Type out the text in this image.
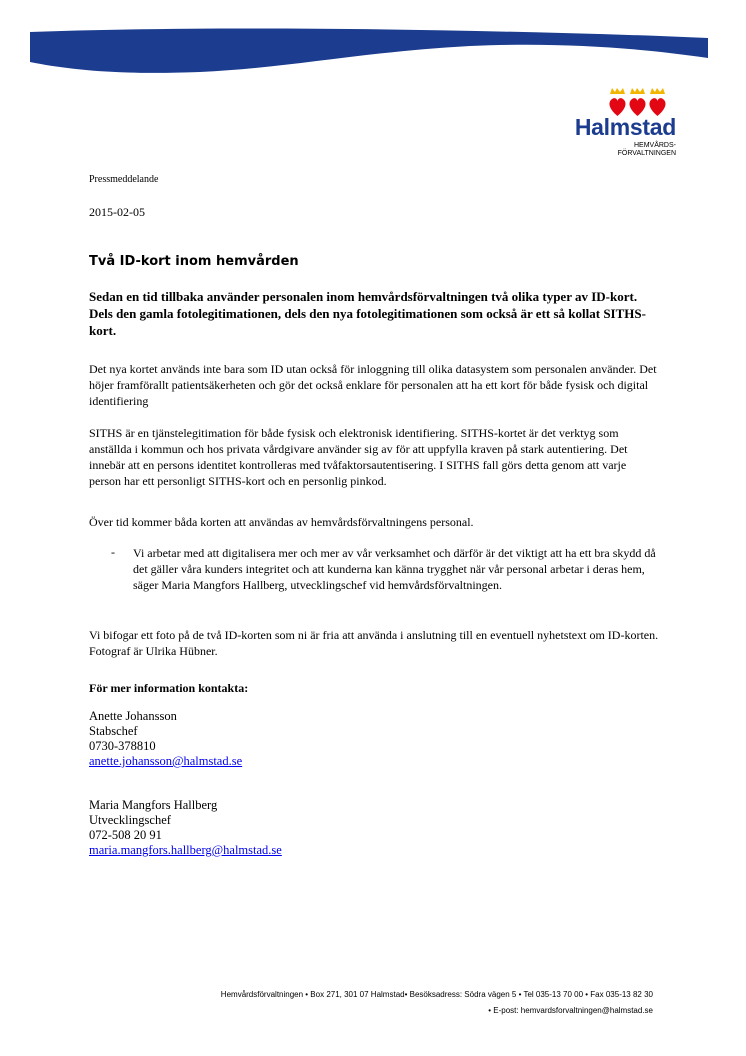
Halmstad
HEMVÅRDS-
FÖRVALTNINGEN
Pressmeddelande
2015-02-05
Två ID-kort inom hemvården
Sedan en tid tillbaka använder personalen inom hemvårdsförvaltningen två olika typer av ID-kort. Dels den gamla fotolegitimationen, dels den nya fotolegitimationen som också är ett så kollat SITHS-kort.
Det nya kortet används inte bara som ID utan också för inloggning till olika datasystem som personalen använder. Det höjer framförallt patientsäkerheten och gör det också enklare för personalen att ha ett kort för både fysisk och digital identifiering
SITHS är en tjänstelegitimation för både fysisk och elektronisk identifiering. SITHS-kortet är det verktyg som anställda i kommun och hos privata vårdgivare använder sig av för att uppfylla kraven på stark autentiering. Det innebär att en persons identitet kontrolleras med tvåfaktorsautentisering. I SITHS fall görs detta genom att varje person har ett personligt SITHS-kort och en personlig pinkod.
Över tid kommer båda korten att användas av hemvårdsförvaltningens personal.
- Vi arbetar med att digitalisera mer och mer av vår verksamhet och därför är det viktigt att ha ett bra skydd då det gäller våra kunders integritet och att kunderna kan känna trygghet när vår personal arbetar i deras hem, säger Maria Mangfors Hallberg, utvecklingschef vid hemvårdsförvaltningen.
Vi bifogar ett foto på de två ID-korten som ni är fria att använda i anslutning till en eventuell nyhetstext om ID-korten. Fotograf är Ulrika Hübner.
För mer information kontakta:
Anette Johansson
Stabschef
0730-378810
anette.johansson@halmstad.se
Maria Mangfors Hallberg
Utvecklingschef
072-508 20 91
maria.mangfors.hallberg@halmstad.se
Hemvårdsförvaltningen • Box 271, 301 07 Halmstad• Besöksadress: Södra vägen 5 • Tel 035-13 70 00 • Fax 035-13 82 30
• E-post: hemvardsforvaltningen@halmstad.se
